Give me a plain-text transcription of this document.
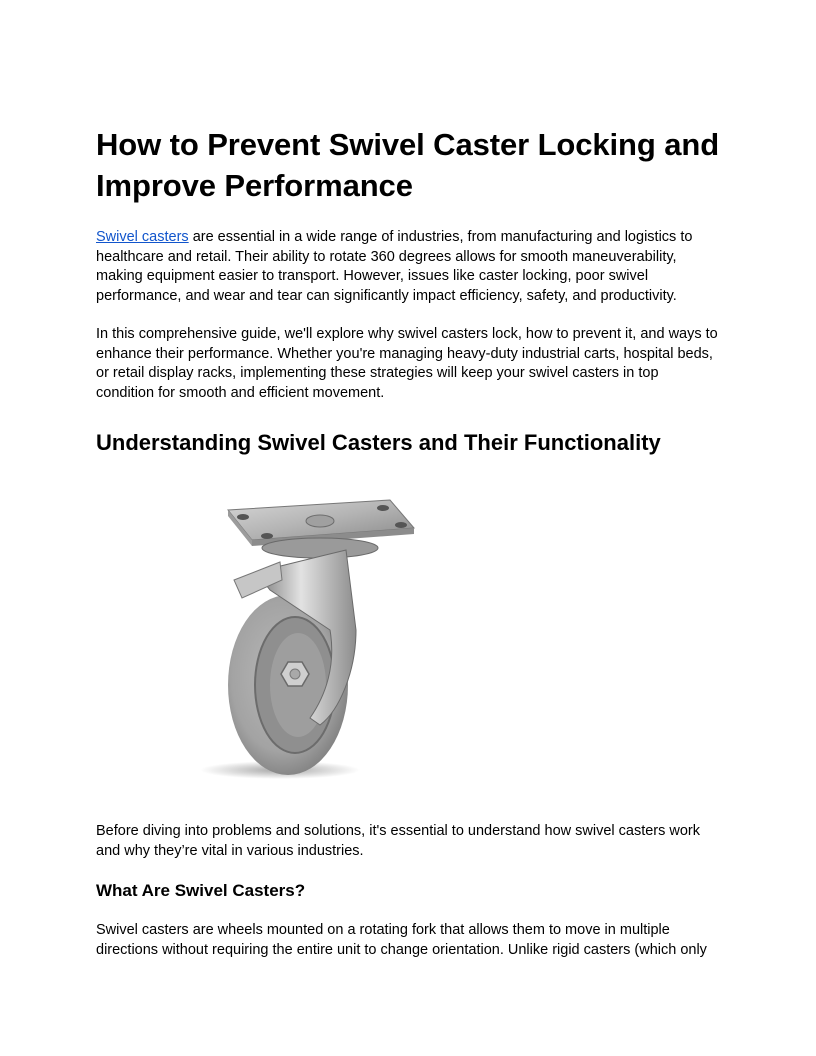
How to Prevent Swivel Caster Locking and Improve Performance

Swivel casters are essential in a wide range of industries, from manufacturing and logistics to healthcare and retail. Their ability to rotate 360 degrees allows for smooth maneuverability, making equipment easier to transport. However, issues like caster locking, poor swivel performance, and wear and tear can significantly impact efficiency, safety, and productivity.

In this comprehensive guide, we'll explore why swivel casters lock, how to prevent it, and ways to enhance their performance. Whether you're managing heavy-duty industrial carts, hospital beds, or retail display racks, implementing these strategies will keep your swivel casters in top condition for smooth and efficient movement.

Understanding Swivel Casters and Their Functionality

Before diving into problems and solutions, it's essential to understand how swivel casters work and why they’re vital in various industries.

What Are Swivel Casters?

Swivel casters are wheels mounted on a rotating fork that allows them to move in multiple directions without requiring the entire unit to change orientation. Unlike rigid casters (which only
